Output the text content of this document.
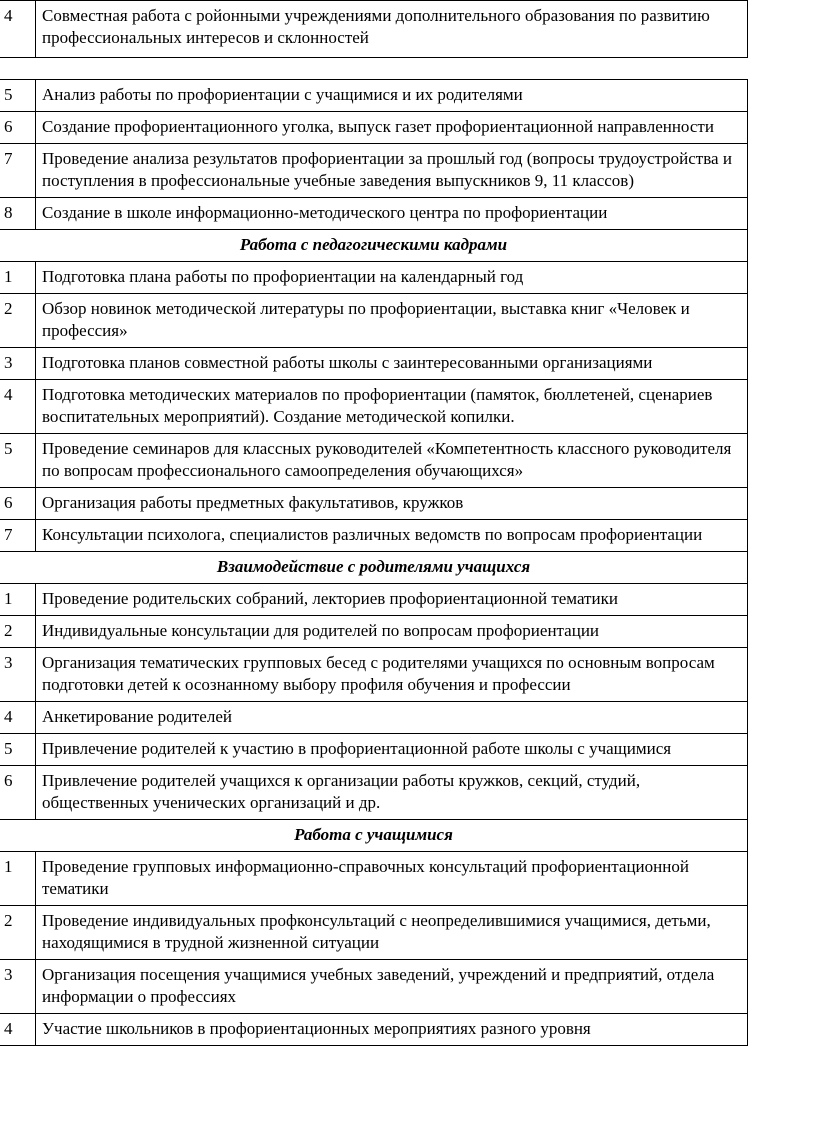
4	Совместная работа с ройонными учреждениями дополнительного образования по развитию профессиональных интересов и склонностей
5	Анализ работы по профориентации с учащимися и их родителями
6	Создание профориентационного уголка, выпуск газет профориентационной направленности
7	Проведение анализа результатов профориентации за прошлый год (вопросы трудоустройства и поступления в профессиональные учебные заведения выпускников 9, 11 классов)
8	Создание в школе информационно-методического центра по профориентации
Работа с педагогическими кадрами	
1	Подготовка плана работы по профориентации на календарный год
2	Обзор новинок методической литературы по профориентации, выставка книг «Человек и профессия»
3	Подготовка планов совместной работы школы с заинтересованными организациями
4	Подготовка методических материалов по профориентации (памяток, бюллетеней, сценариев воспитательных мероприятий). Создание методической копилки.
5	Проведение семинаров для классных руководителей «Компетентность классного руководителя по вопросам профессионального самоопределения обучающихся»
6	Организация работы предметных факультативов, кружков
7	Консультации психолога, специалистов различных ведомств по вопросам профориентации
Взаимодействие с родителями учащихся	
1	Проведение родительских собраний, лекториев профориентационной тематики
2	Индивидуальные консультации для родителей по вопросам профориентации
3	Организация тематических групповых бесед с родителями учащихся по основным вопросам подготовки детей к осознанному выбору профиля обучения и профессии
4	Анкетирование родителей
5	Привлечение родителей к участию в профориентационной работе школы с учащимися
6	Привлечение родителей учащихся к организации работы кружков, секций, студий, общественных ученических организаций и др.
Работа с учащимися	
1	Проведение групповых информационно-справочных консультаций профориентационной тематики
2	Проведение индивидуальных профконсультаций с неопределившимися учащимися, детьми, находящимися в трудной жизненной ситуации
3	Организация посещения учащимися учебных заведений, учреждений и предприятий, отдела информации о профессиях
4	Участие школьников в профориентационных мероприятиях разного уровня
